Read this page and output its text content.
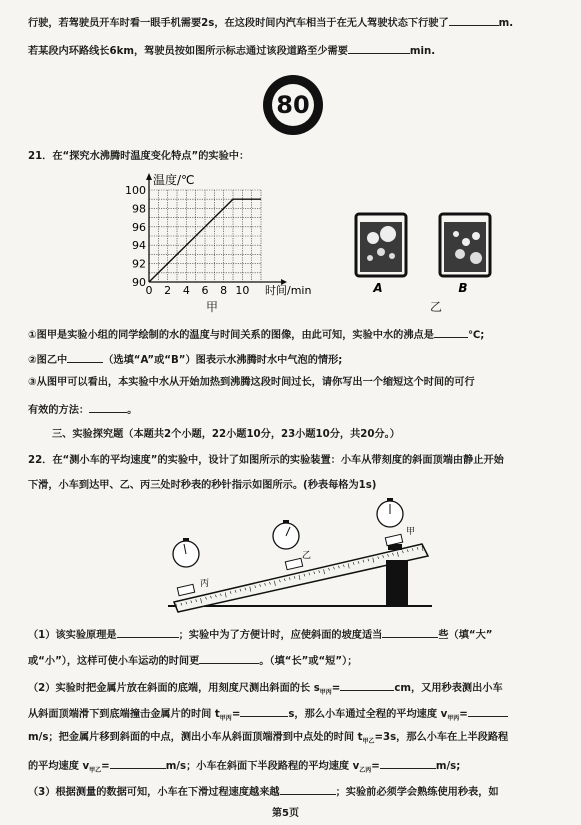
行驶，若驾驶员开车时看一眼手机需要2s，在这段时间内汽车相当于在无人驾驶状态下行驶了	m.
若某段内环路线长6km，驾驶员按如图所示标志通过该段道路至少需要	min.
80
21．在“探究水沸腾时温度变化特点”的实验中：
0 2 4 6 8 10
90
92
94
96
98
100
温度/℃
时间/min
甲
A	B
乙
①图甲是实验小组的同学绘制的水的温度与时间关系的图像，由此可知，实验中水的沸点是	℃;
②图乙中	（选填“A”或“B”）图表示水沸腾时水中气泡的情形;
③从图甲可以看出，本实验中水从开始加热到沸腾这段时间过长，请你写出一个缩短这个时间的可行
有效的方法：	。
三、实验探究题（本题共2个小题，22小题10分，23小题10分，共20分。）
22．在“测小车的平均速度”的实验中，设计了如图所示的实验装置：小车从带刻度的斜面顶端由静止开始
下滑，小车到达甲、乙、丙三处时秒表的秒针指示如图所示。(秒表每格为1s)
丙
乙
甲
（1）该实验原理是	；实验中为了方便计时，应使斜面的坡度适当	些（填“大”
或“小”），这样可使小车运动的时间更	。（填“长”或“短”）；
（2）实验时把金属片放在斜面的底端，用刻度尺测出斜面的长 $s_{甲丙}=$	cm，又用秒表测出小车
从斜面顶端滑下到底端撞击金属片的时间 $t_{甲丙}=$	s，那么小车通过全程的平均速度 $v_{甲丙}=$
m/s；把金属片移到斜面的中点，测出小车从斜面顶端滑到中点处的时间 $t_{甲乙}=3s$，那么小车在上半段路程
的平均速度 $v_{甲乙}=$	m/s；小车在斜面下半段路程的平均速度 $v_{乙丙}=$	m/s;
（3）根据测量的数据可知，小车在下滑过程速度越来越	；实验前必须学会熟练使用秒表，如
第5页
